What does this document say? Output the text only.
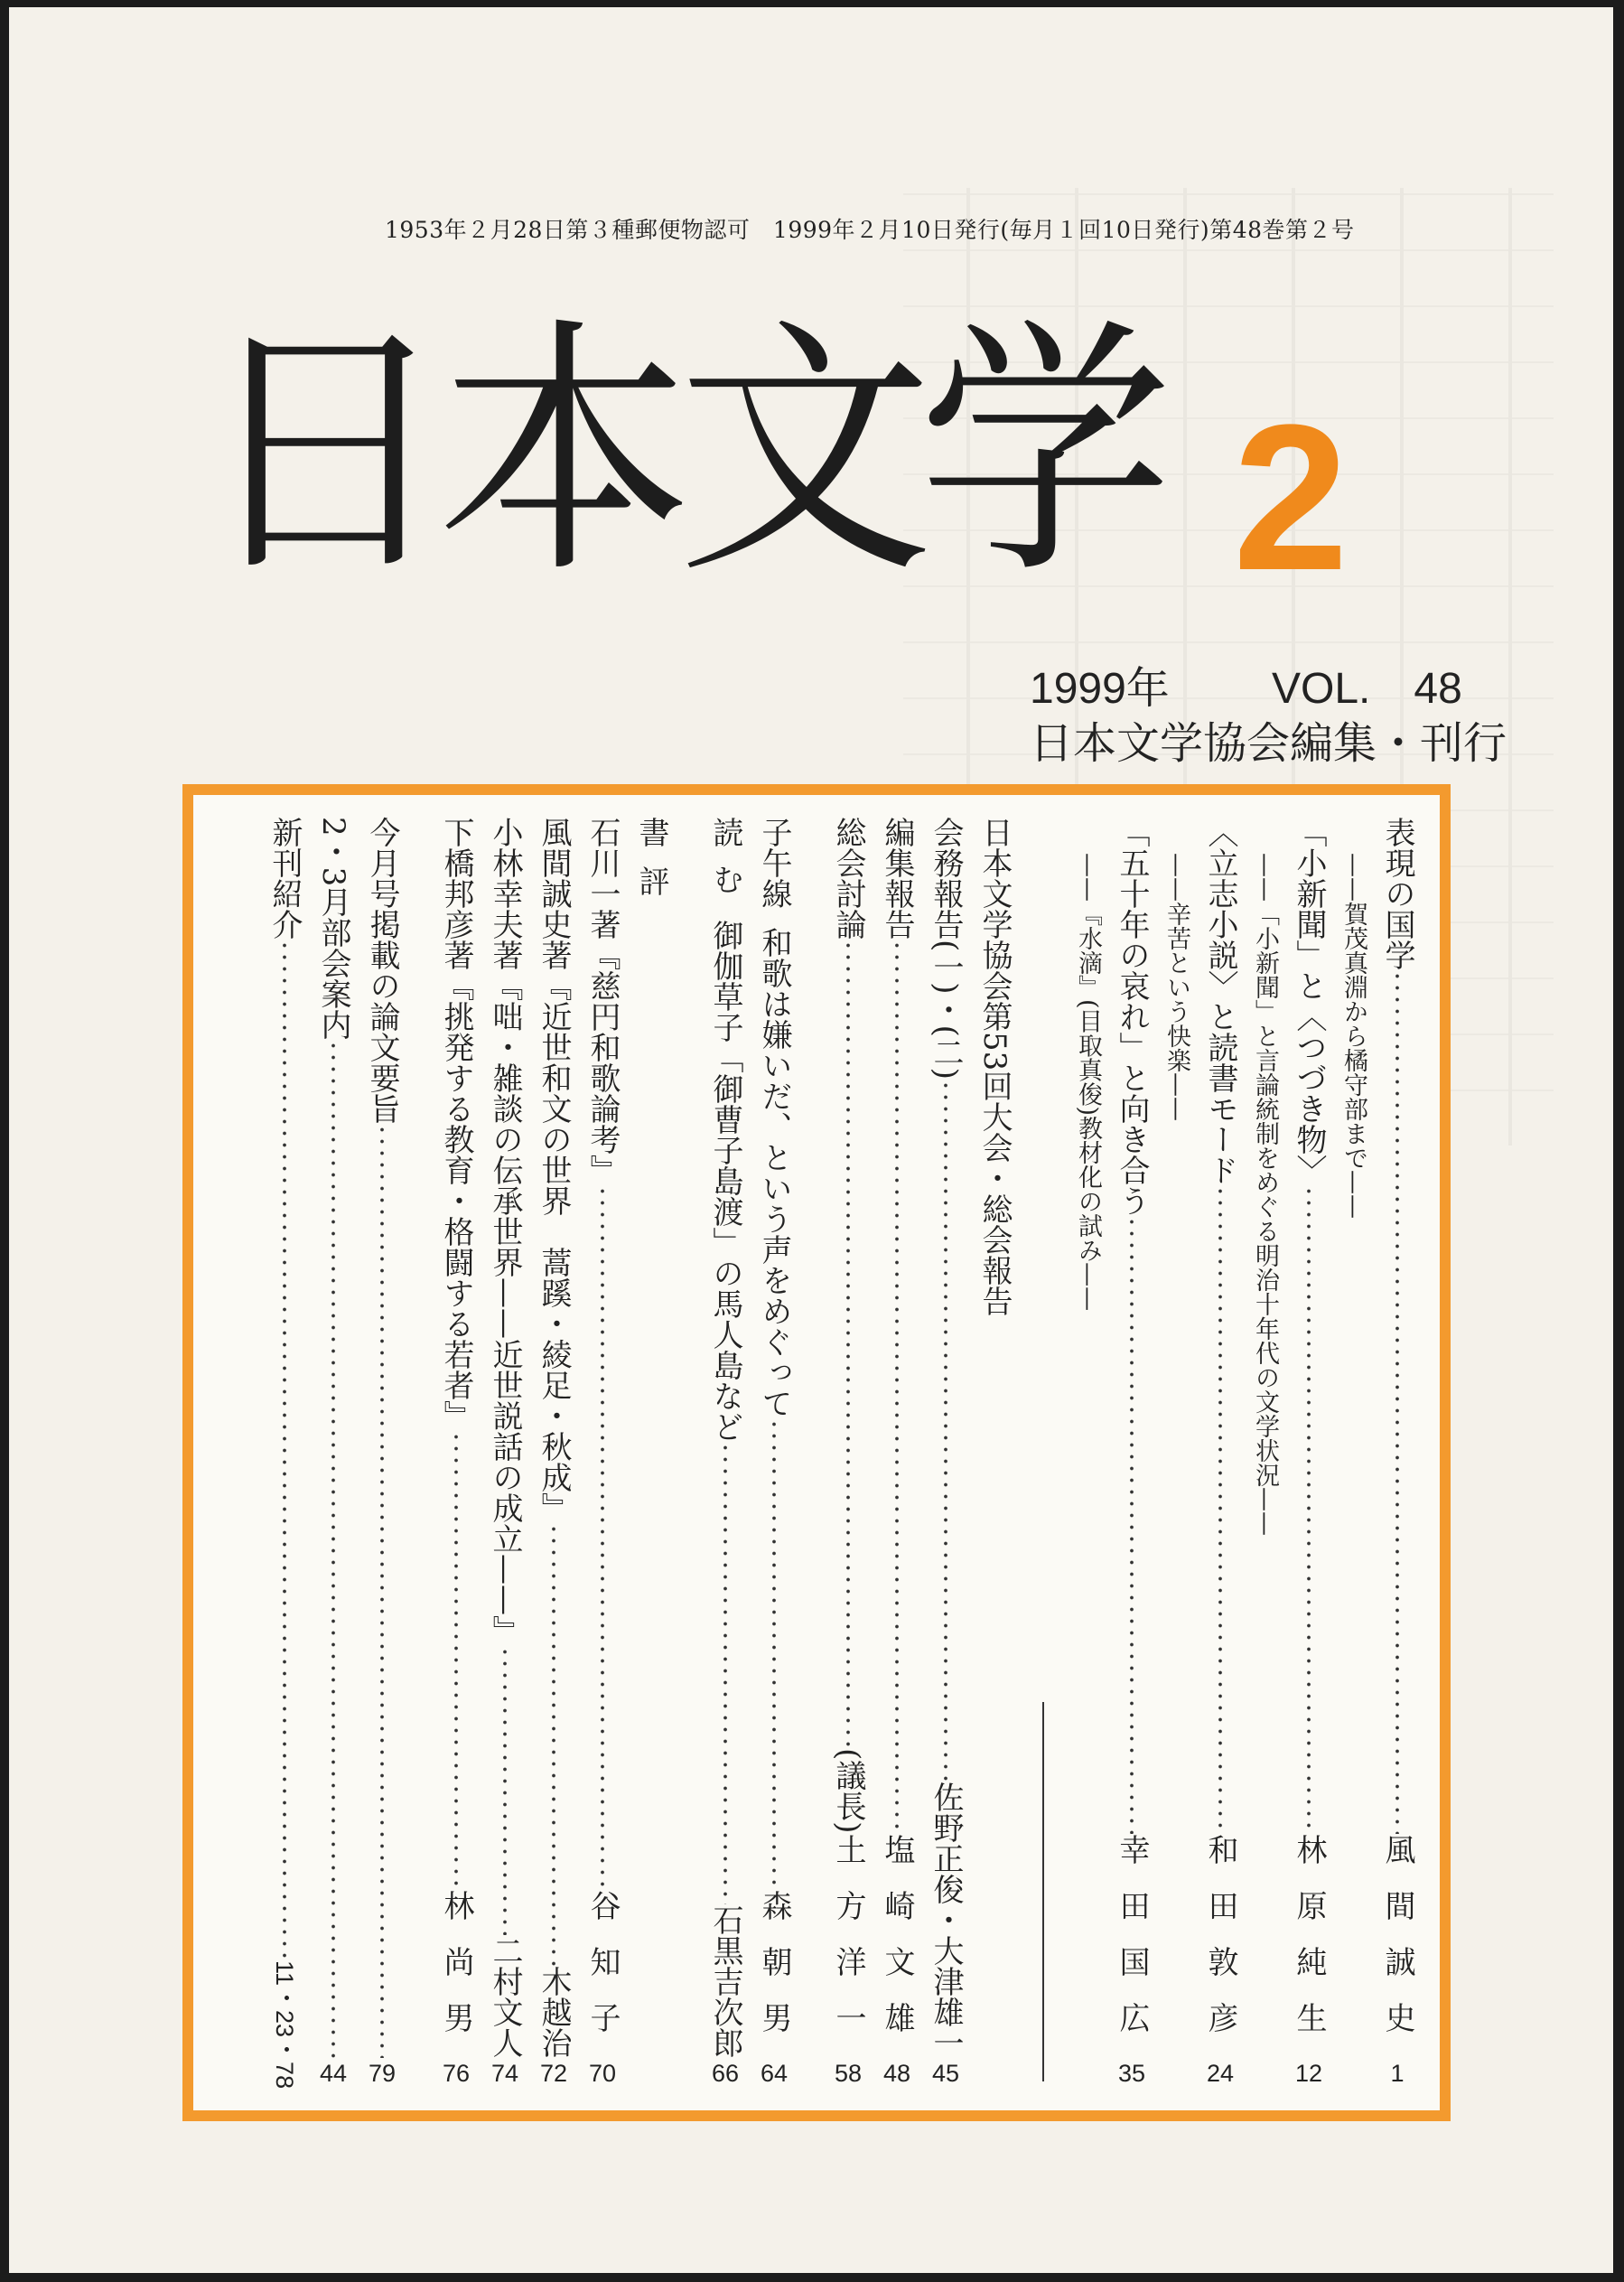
1953年２月28日第３種郵便物認可　1999年２月10日発行(毎月１回10日発行)第48巻第２号
日本文学 2
1999年 VOL.　48
日本文学協会編集・刊行
表現の国学
風間誠史
1
——賀茂真淵から橘守部まで——
「小新聞」と〈つづき物〉
林原純生
12
——「小新聞」と言論統制をめぐる明治十年代の文学状況——
〈立志小説〉と読書モード
和田敦彦
24
——辛苦という快楽——
「五十年の哀れ」と向き合う
幸田国広
35
——『水滴』(目取真俊)教材化の試み——
日本文学協会第53回大会・総会報告
会務報告(一)・(二)
佐野正俊・大津雄一
45
編集報告
塩崎文雄
48
総会討論
(議長)
土方洋一
58
子午線
和歌は嫌いだ、という声をめぐって
森朝男
64
読む
御伽草子「御曹子島渡」の馬人島など
石黒吉次郎
66
書評
石川一著
『慈円和歌論考』
谷知子
70
風間誠史著
『近世和文の世界　蒿蹊・綾足・秋成』
木越治
72
小林幸夫著
『咄・雑談の伝承世界——近世説話の成立——』
二村文人
74
下橋邦彦著
『挑発する教育・格闘する若者』
林尚男
76
今月号掲載の論文要旨
79
2・3月部会案内
44
新刊紹介
11・23・78
